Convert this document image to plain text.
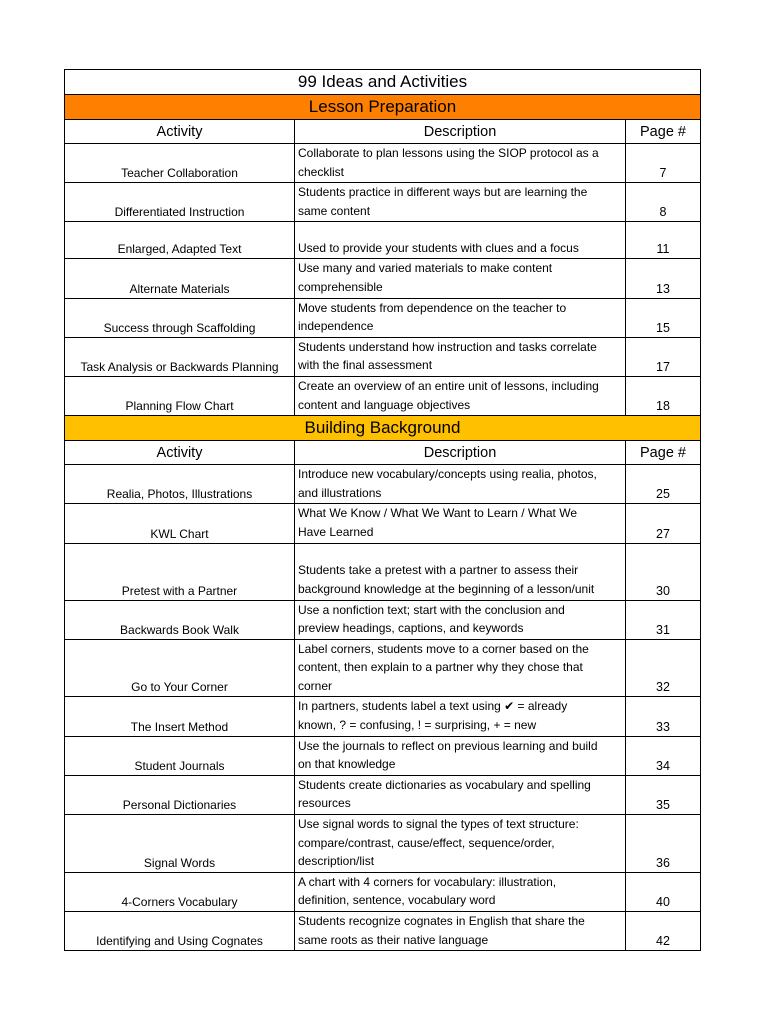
99 Ideas and Activities		
Lesson Preparation		
Activity	Description	Page #
Teacher Collaboration	Collaborate to plan lessons using the SIOP protocol as a
checklist	7
Differentiated Instruction	Students practice in different ways but are learning the
same content	8
Enlarged, Adapted Text	Used to provide your students with clues and a focus	11
Alternate Materials	Use many and varied materials to make content
comprehensible	13
Success through Scaffolding	Move students from dependence on the teacher to
independence	15
Task Analysis or Backwards Planning	Students understand how instruction and tasks correlate
with the final assessment	17
Planning Flow Chart	Create an overview of an entire unit of lessons, including
content and language objectives	18
Building Background		
Activity	Description	Page #
Realia, Photos, Illustrations	Introduce new vocabulary/concepts using realia, photos,
and illustrations	25
KWL Chart	What We Know / What We Want to Learn / What We
Have Learned	27
Pretest with a Partner	Students take a pretest with a partner to assess their
background knowledge at the beginning of a lesson/unit	30
Backwards Book Walk	Use a nonfiction text; start with the conclusion and
preview headings, captions, and keywords	31
Go to Your Corner	Label corners, students move to a corner based on the
content, then explain to a partner why they chose that
corner	32
The Insert Method	In partners, students label a text using ✔ = already
known, ? = confusing, ! = surprising, + = new	33
Student Journals	Use the journals to reflect on previous learning and build
on that knowledge	34
Personal Dictionaries	Students create dictionaries as vocabulary and spelling
resources	35
Signal Words	Use signal words to signal the types of text structure:
compare/contrast, cause/effect, sequence/order,
description/list	36
4-Corners Vocabulary	A chart with 4 corners for vocabulary: illustration,
definition, sentence, vocabulary word	40
Identifying and Using Cognates	Students recognize cognates in English that share the
same roots as their native language	42
